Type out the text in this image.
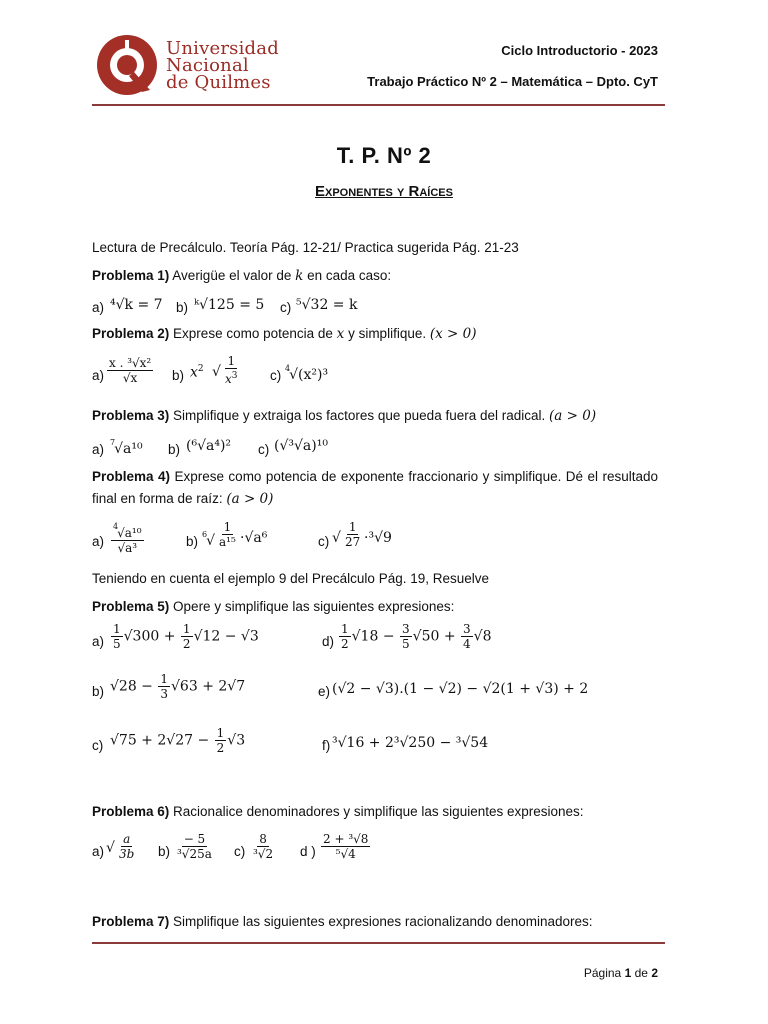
Universidad
Nacional
de Quilmes
Ciclo Introductorio - 2023
Trabajo Práctico Nº 2 – Matemática – Dpto. CyT
T. P. Nº 2
Exponentes y Raíces
Lectura de Precálculo. Teoría Pág. 12-21/ Practica sugerida Pág. 21-23
Problema 1) Averigüe el valor de k en cada caso:
a) ⁴√k = 7 b) ᵏ√125 = 5 c) ⁵√32 = k
Problema 2) Exprese como potencia de x y simplifique. (x > 0)
$a) \frac{\text{x . ³√x²}}{√x} b$) $x^2$ √ $\frac{1}{x^3} c$) $^4$√(x²)³
Problema 3) Simplifique y extraiga los factores que pueda fuera del radical. (a > 0)
a) $^7$√a¹⁰ b) (⁶√a⁴)² c) (√³√a)¹⁰
Problema 4) Exprese como potencia de exponente fraccionario y simplifique. Dé el resultado final en forma de raíz: (a > 0)
$a) \frac{^4√a^{10}}{\text{√a³}}$	b) $^6√ \frac{1}{\text{a¹⁵}} \cdot√a^6$	c) √ $\frac{1}{27} \cdot^3√9$
Teniendo en cuenta el ejemplo 9 del Precálculo Pág. 19, Resuelve
Problema 5) Opere y simplifique las siguientes expresiones:
$a) \frac{1}{5} √300 + \frac{1}{2} √12 - √3$	$d) \frac{1}{2} √18 - \frac{3}{5} √50 + \frac{3}{4} √8$
b) $√28 - \frac{1}{3} √63 + 2√7$	e) (√2 − √3).(1 − √2) − √2(1 + √3) + 2
c) $√75 + 2√27 - \frac{1}{2} √3$	f) ³√16 + 2³√250 − ³√54
Problema 6) Racionalice denominadores y simplifique las siguientes expresiones:
a) √ $\frac{a}{3b} b) \frac{- 5}{\text{³√25a}} c) \frac{8}{\text{³√2}}$ d ) $\frac{\text{2 + ³√8}}{\text{⁵√4}}$
Problema 7) Simplifique las siguientes expresiones racionalizando denominadores:
Página 1 de 2
